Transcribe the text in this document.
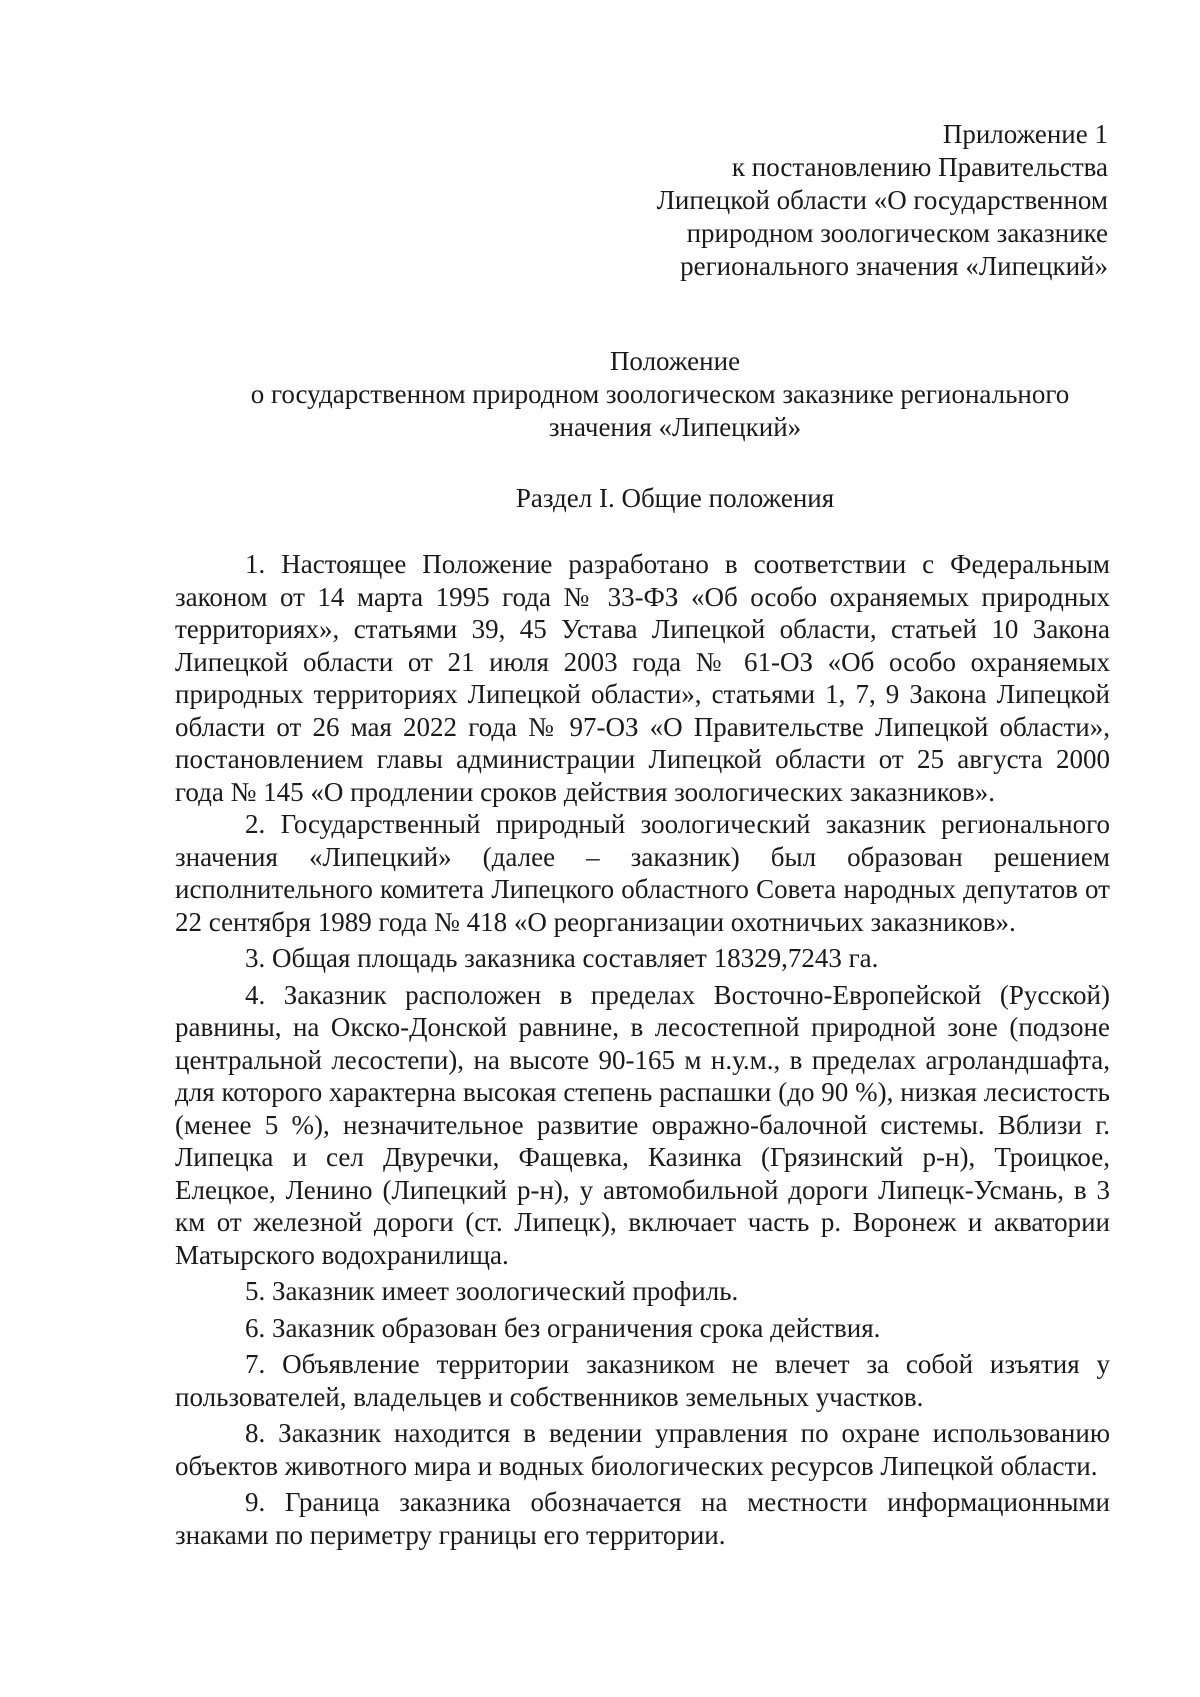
Приложение 1
к постановлению Правительства
Липецкой области «О государственном
природном зоологическом заказнике
регионального значения «Липецкий»
Положение
о государственном природном зоологическом заказнике регионального
значения «Липецкий»
Раздел I. Общие положения

1. Настоящее Положение разработано в соответствии с Федеральным законом от 14 марта 1995 года № 33-ФЗ «Об особо охраняемых природных территориях», статьями 39, 45 Устава Липецкой области, статьей 10 Закона Липецкой области от 21 июля 2003 года № 61-ОЗ «Об особо охраняемых природных территориях Липецкой области», статьями 1, 7, 9 Закона Липецкой области от 26 мая 2022 года № 97-ОЗ «О Правительстве Липецкой области», постановлением главы администрации Липецкой области от 25 августа 2000 года № 145 «О продлении сроков действия зоологических заказников».

2. Государственный природный зоологический заказник регионального значения «Липецкий» (далее – заказник) был образован решением исполнительного комитета Липецкого областного Совета народных депутатов от 22 сентября 1989 года № 418 «О реорганизации охотничьих заказников».

3. Общая площадь заказника составляет 18329,7243 га.

4. Заказник расположен в пределах Восточно-Европейской (Русской) равнины, на Окско-Донской равнине, в лесостепной природной зоне (подзоне центральной лесостепи), на высоте 90-165 м н.у.м., в пределах агроландшафта, для которого характерна высокая степень распашки (до 90 %), низкая лесистость (менее 5 %), незначительное развитие овражно-балочной системы. Вблизи г. Липецка и сел Двуречки, Фащевка, Казинка (Грязинский р-н), Троицкое, Елецкое, Ленино (Липецкий р-н), у автомобильной дороги Липецк-Усмань, в 3 км от железной дороги (ст. Липецк), включает часть р. Воронеж и акватории Матырского водохранилища.

5. Заказник имеет зоологический профиль.

6. Заказник образован без ограничения срока действия.

7. Объявление территории заказником не влечет за собой изъятия у пользователей, владельцев и собственников земельных участков.

8. Заказник находится в ведении управления по охране использованию объектов животного мира и водных биологических ресурсов Липецкой области.

9. Граница заказника обозначается на местности информационными знаками по периметру границы его территории.
